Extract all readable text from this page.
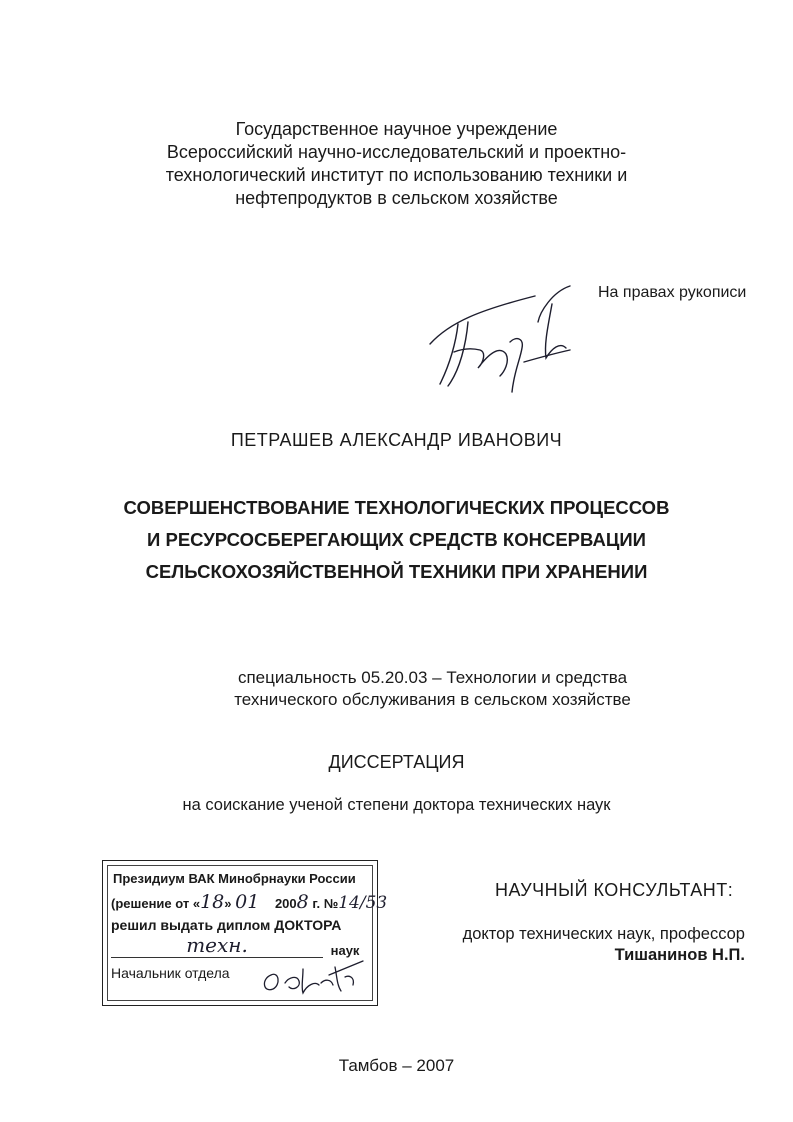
Государственное научное учреждение
Всероссийский научно-исследовательский и проектно-
технологический институт по использованию техники и
нефтепродуктов в сельском хозяйстве
На правах рукописи
ПЕТРАШЕВ АЛЕКСАНДР ИВАНОВИЧ
СОВЕРШЕНСТВОВАНИЕ ТЕХНОЛОГИЧЕСКИХ ПРОЦЕССОВ
И РЕСУРСОСБЕРЕГАЮЩИХ СРЕДСТВ КОНСЕРВАЦИИ
СЕЛЬСКОХОЗЯЙСТВЕННОЙ ТЕХНИКИ ПРИ ХРАНЕНИИ
специальность 05.20.03 – Технологии и средства
технического обслуживания в сельском хозяйстве
ДИССЕРТАЦИЯ
на соискание ученой степени доктора технических наук
Президиум ВАК Минобрнауки России
(решение от «18» 01 2008 г. №14/53
решил выдать диплом ДОКТОРА
техн.	наук
Начальник отдела
НАУЧНЫЙ КОНСУЛЬТАНТ:
доктор технических наук, профессор
Тишанинов Н.П.
Тамбов – 2007
